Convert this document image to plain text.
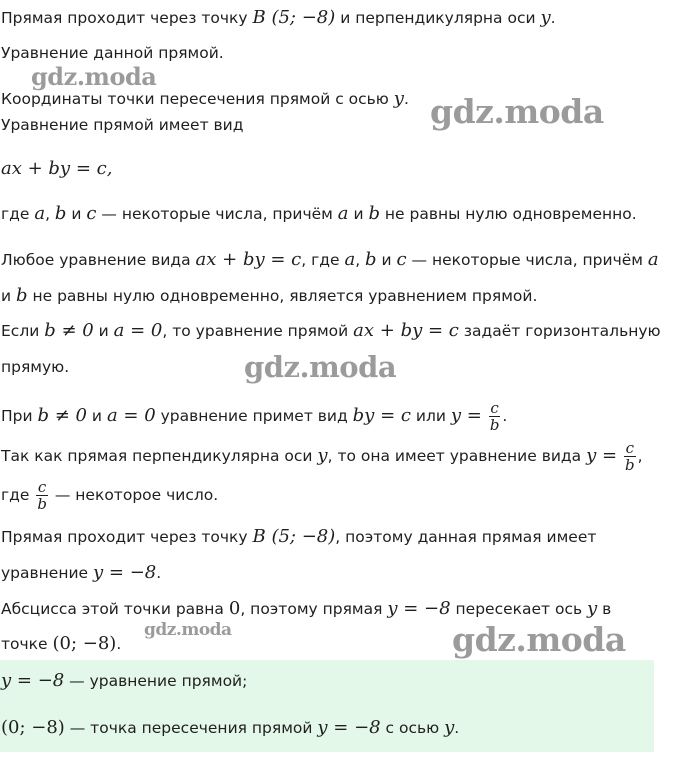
Прямая проходит через точку B (5; −8) и перпендикулярна оси y.
Уравнение данной прямой.
Координаты точки пересечения прямой с осью y.
Уравнение прямой имеет вид
ax + by = c,
где a, b и c — некоторые числа, причём a и b не равны нулю одновременно.
Любое уравнение вида ax + by = c, где a, b и c — некоторые числа, причём a
и b не равны нулю одновременно, является уравнением прямой.
Если b ≠ 0 и a = 0, то уравнение прямой ax + by = c задаёт горизонтальную
прямую.
При b ≠ 0 и a = 0 уравнение примет вид by = c или $y = \frac{c}{b}$ .
Так как прямая перпендикулярна оси y, то она имеет уравнение вида $y = \frac{c}{b}$ ,
где $\frac{c}{b}$ — некоторое число.
Прямая проходит через точку B (5; −8), поэтому данная прямая имеет
уравнение y = −8.
Абсцисса этой точки равна 0, поэтому прямая y = −8 пересекает ось y в
точке (0; −8).
y = −8 — уравнение прямой;
(0; −8) — точка пересечения прямой y = −8 с осью y.
gdz.moda
gdz.moda
gdz.moda
gdz.moda	gdz.moda
